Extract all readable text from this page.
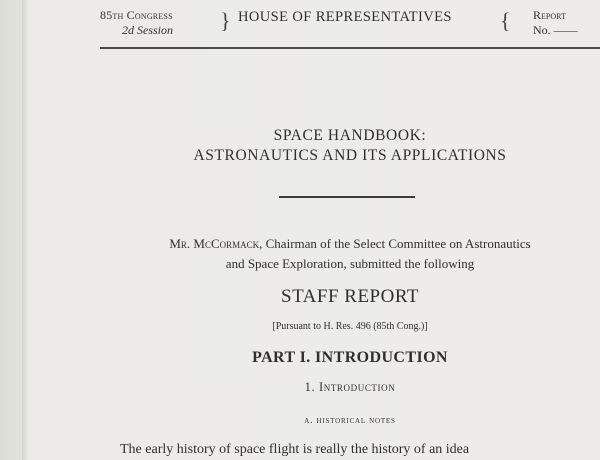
85th Congress
2d Session	} HOUSE OF REPRESENTATIVES { Report
No. ——
SPACE HANDBOOK:
ASTRONAUTICS AND ITS APPLICATIONS
Mr. McCormack, Chairman of the Select Committee on Astronautics
and Space Exploration, submitted the following
STAFF REPORT
[Pursuant to H. Res. 496 (85th Cong.)]
PART I. INTRODUCTION
1. Introduction
a. historical notes
The early history of space flight is really the history of an idea
